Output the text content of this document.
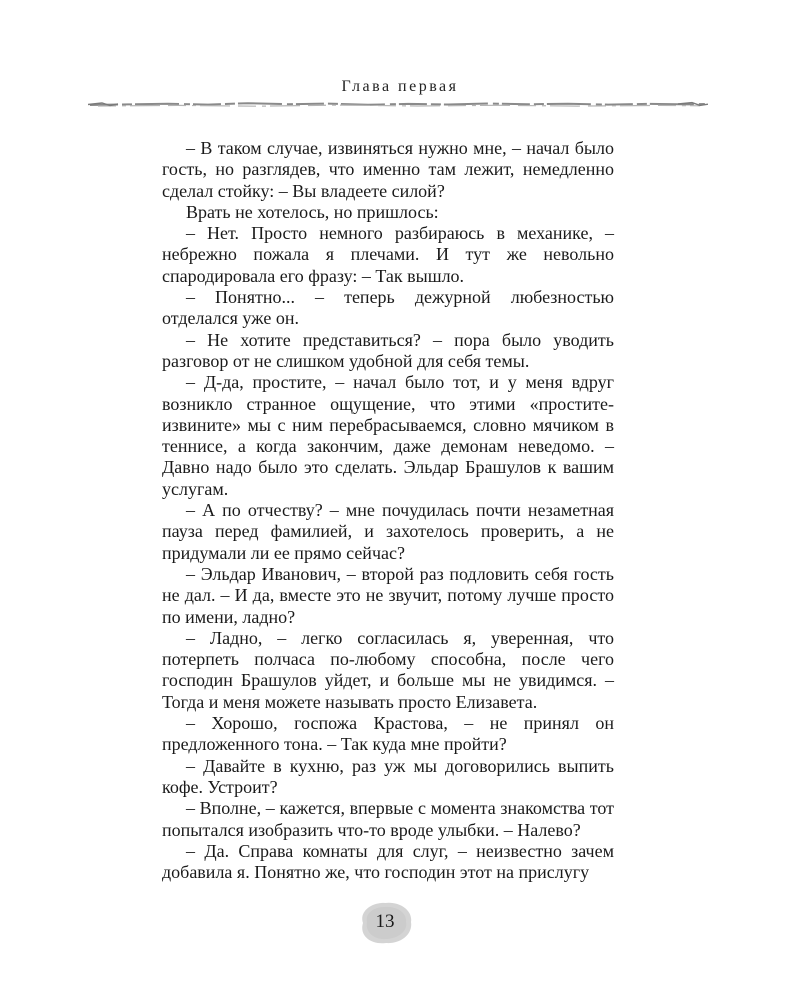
Глава первая

– В таком случае, извиняться нужно мне, – начал было гость, но разглядев, что именно там лежит, немедленно сделал стойку: – Вы владеете силой?

Врать не хотелось, но пришлось:

– Нет. Просто немного разбираюсь в механике, – небрежно пожала я плечами. И тут же невольно спародировала его фразу: – Так вышло.

– Понятно... – теперь дежурной любезностью отделался уже он.

– Не хотите представиться? – пора было уводить разговор от не слишком удобной для себя темы.

– Д-да, простите, – начал было тот, и у меня вдруг возникло странное ощущение, что этими «простите-извините» мы с ним перебрасываемся, словно мячиком в теннисе, а когда закончим, даже демонам неведомо. – Давно надо было это сделать. Эльдар Брашулов к вашим услугам.

– А по отчеству? – мне почудилась почти незаметная пауза перед фамилией, и захотелось проверить, а не придумали ли ее прямо сейчас?

– Эльдар Иванович, – второй раз подловить себя гость не дал. – И да, вместе это не звучит, потому лучше просто по имени, ладно?

– Ладно, – легко согласилась я, уверенная, что потерпеть полчаса по-любому способна, после чего господин Брашулов уйдет, и больше мы не увидимся. – Тогда и меня можете называть просто Елизавета.

– Хорошо, госпожа Крастова, – не принял он предложенного тона. – Так куда мне пройти?

– Давайте в кухню, раз уж мы договорились выпить кофе. Устроит?

– Вполне, – кажется, впервые с момента знакомства тот попытался изобразить что-то вроде улыбки. – Налево?

– Да. Справа комнаты для слуг, – неизвестно зачем добавила я. Понятно же, что господин этот на прислугу

13
